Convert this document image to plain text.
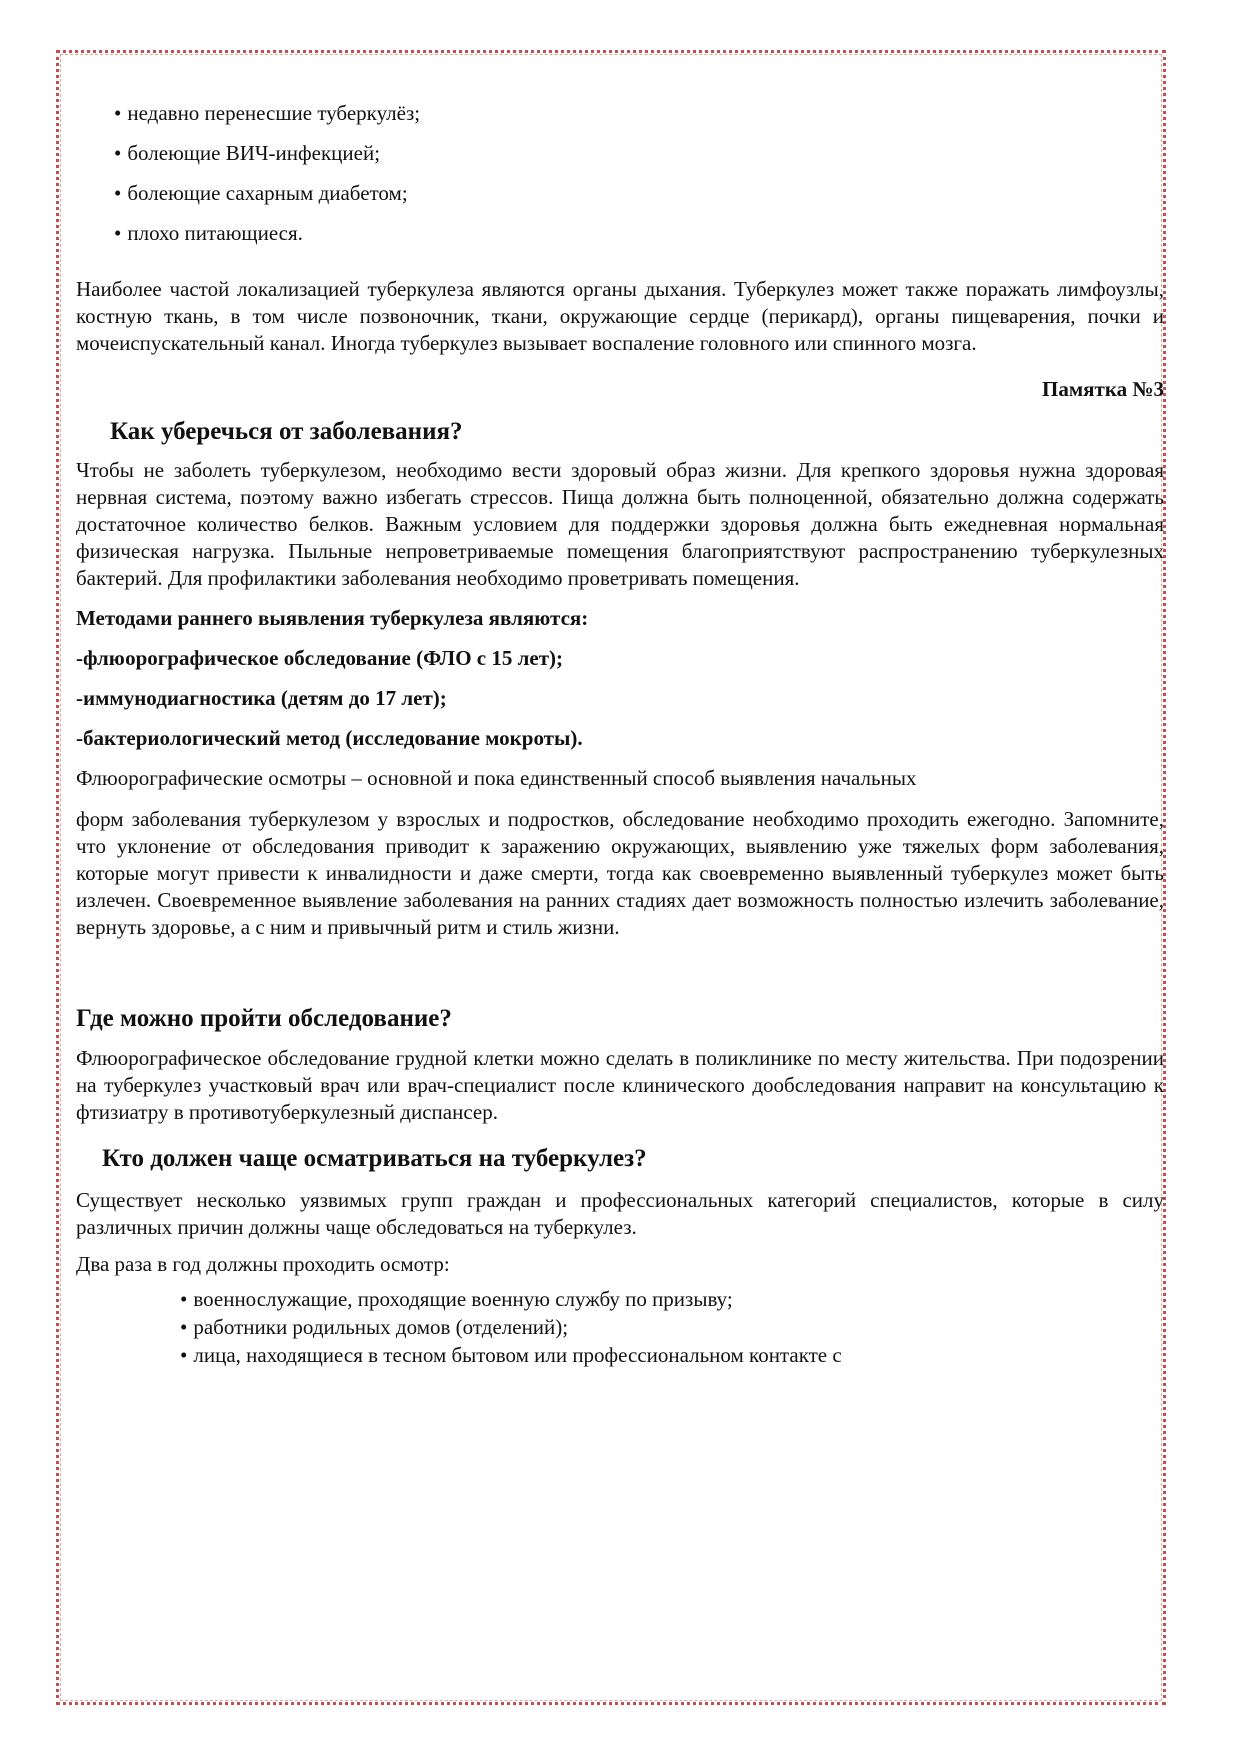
• недавно перенесшие туберкулёз;
• болеющие ВИЧ-инфекцией;
• болеющие сахарным диабетом;
• плохо питающиеся.

Наиболее частой локализацией туберкулеза являются органы дыхания. Туберкулез может также поражать лимфоузлы, костную ткань, в том числе позвоночник, ткани, окружающие сердце (перикард), органы пищеварения, почки и мочеиспускательный канал. Иногда туберкулез вызывает воспаление головного или спинного мозга.

Памятка №3

Как уберечься от заболевания?

Чтобы не заболеть туберкулезом, необходимо вести здоровый образ жизни. Для крепкого здоровья нужна здоровая нервная система, поэтому важно избегать стрессов. Пища должна быть полноценной, обязательно должна содержать достаточное количество белков. Важным условием для поддержки здоровья должна быть ежедневная нормальная физическая нагрузка. Пыльные непроветриваемые помещения благоприятствуют распространению туберкулезных бактерий. Для профилактики заболевания необходимо проветривать помещения.

Методами раннего выявления туберкулеза являются:

-флюорографическое обследование (ФЛО с 15 лет);

-иммунодиагностика (детям до 17 лет);

-бактериологический метод (исследование мокроты).

Флюорографические осмотры – основной и пока единственный способ выявления начальных

форм заболевания туберкулезом у взрослых и подростков, обследование необходимо проходить ежегодно. Запомните, что уклонение от обследования приводит к заражению окружающих, выявлению уже тяжелых форм заболевания, которые могут привести к инвалидности и даже смерти, тогда как своевременно выявленный туберкулез может быть излечен. Своевременное выявление заболевания на ранних стадиях дает возможность полностью излечить заболевание, вернуть здоровье, а с ним и привычный ритм и стиль жизни.

Где можно пройти обследование?

Флюорографическое обследование грудной клетки можно сделать в поликлинике по месту жительства. При подозрении на туберкулез участковый врач или врач-специалист после клинического дообследования направит на консультацию к фтизиатру в противотуберкулезный диспансер.

Кто должен чаще осматриваться на туберкулез?

Существует несколько уязвимых групп граждан и профессиональных категорий специалистов, которые в силу различных причин должны чаще обследоваться на туберкулез.

Два раза в год должны проходить осмотр:

• военнослужащие, проходящие военную службу по призыву;
• работники родильных домов (отделений);
• лица, находящиеся в тесном бытовом или профессиональном контакте с
